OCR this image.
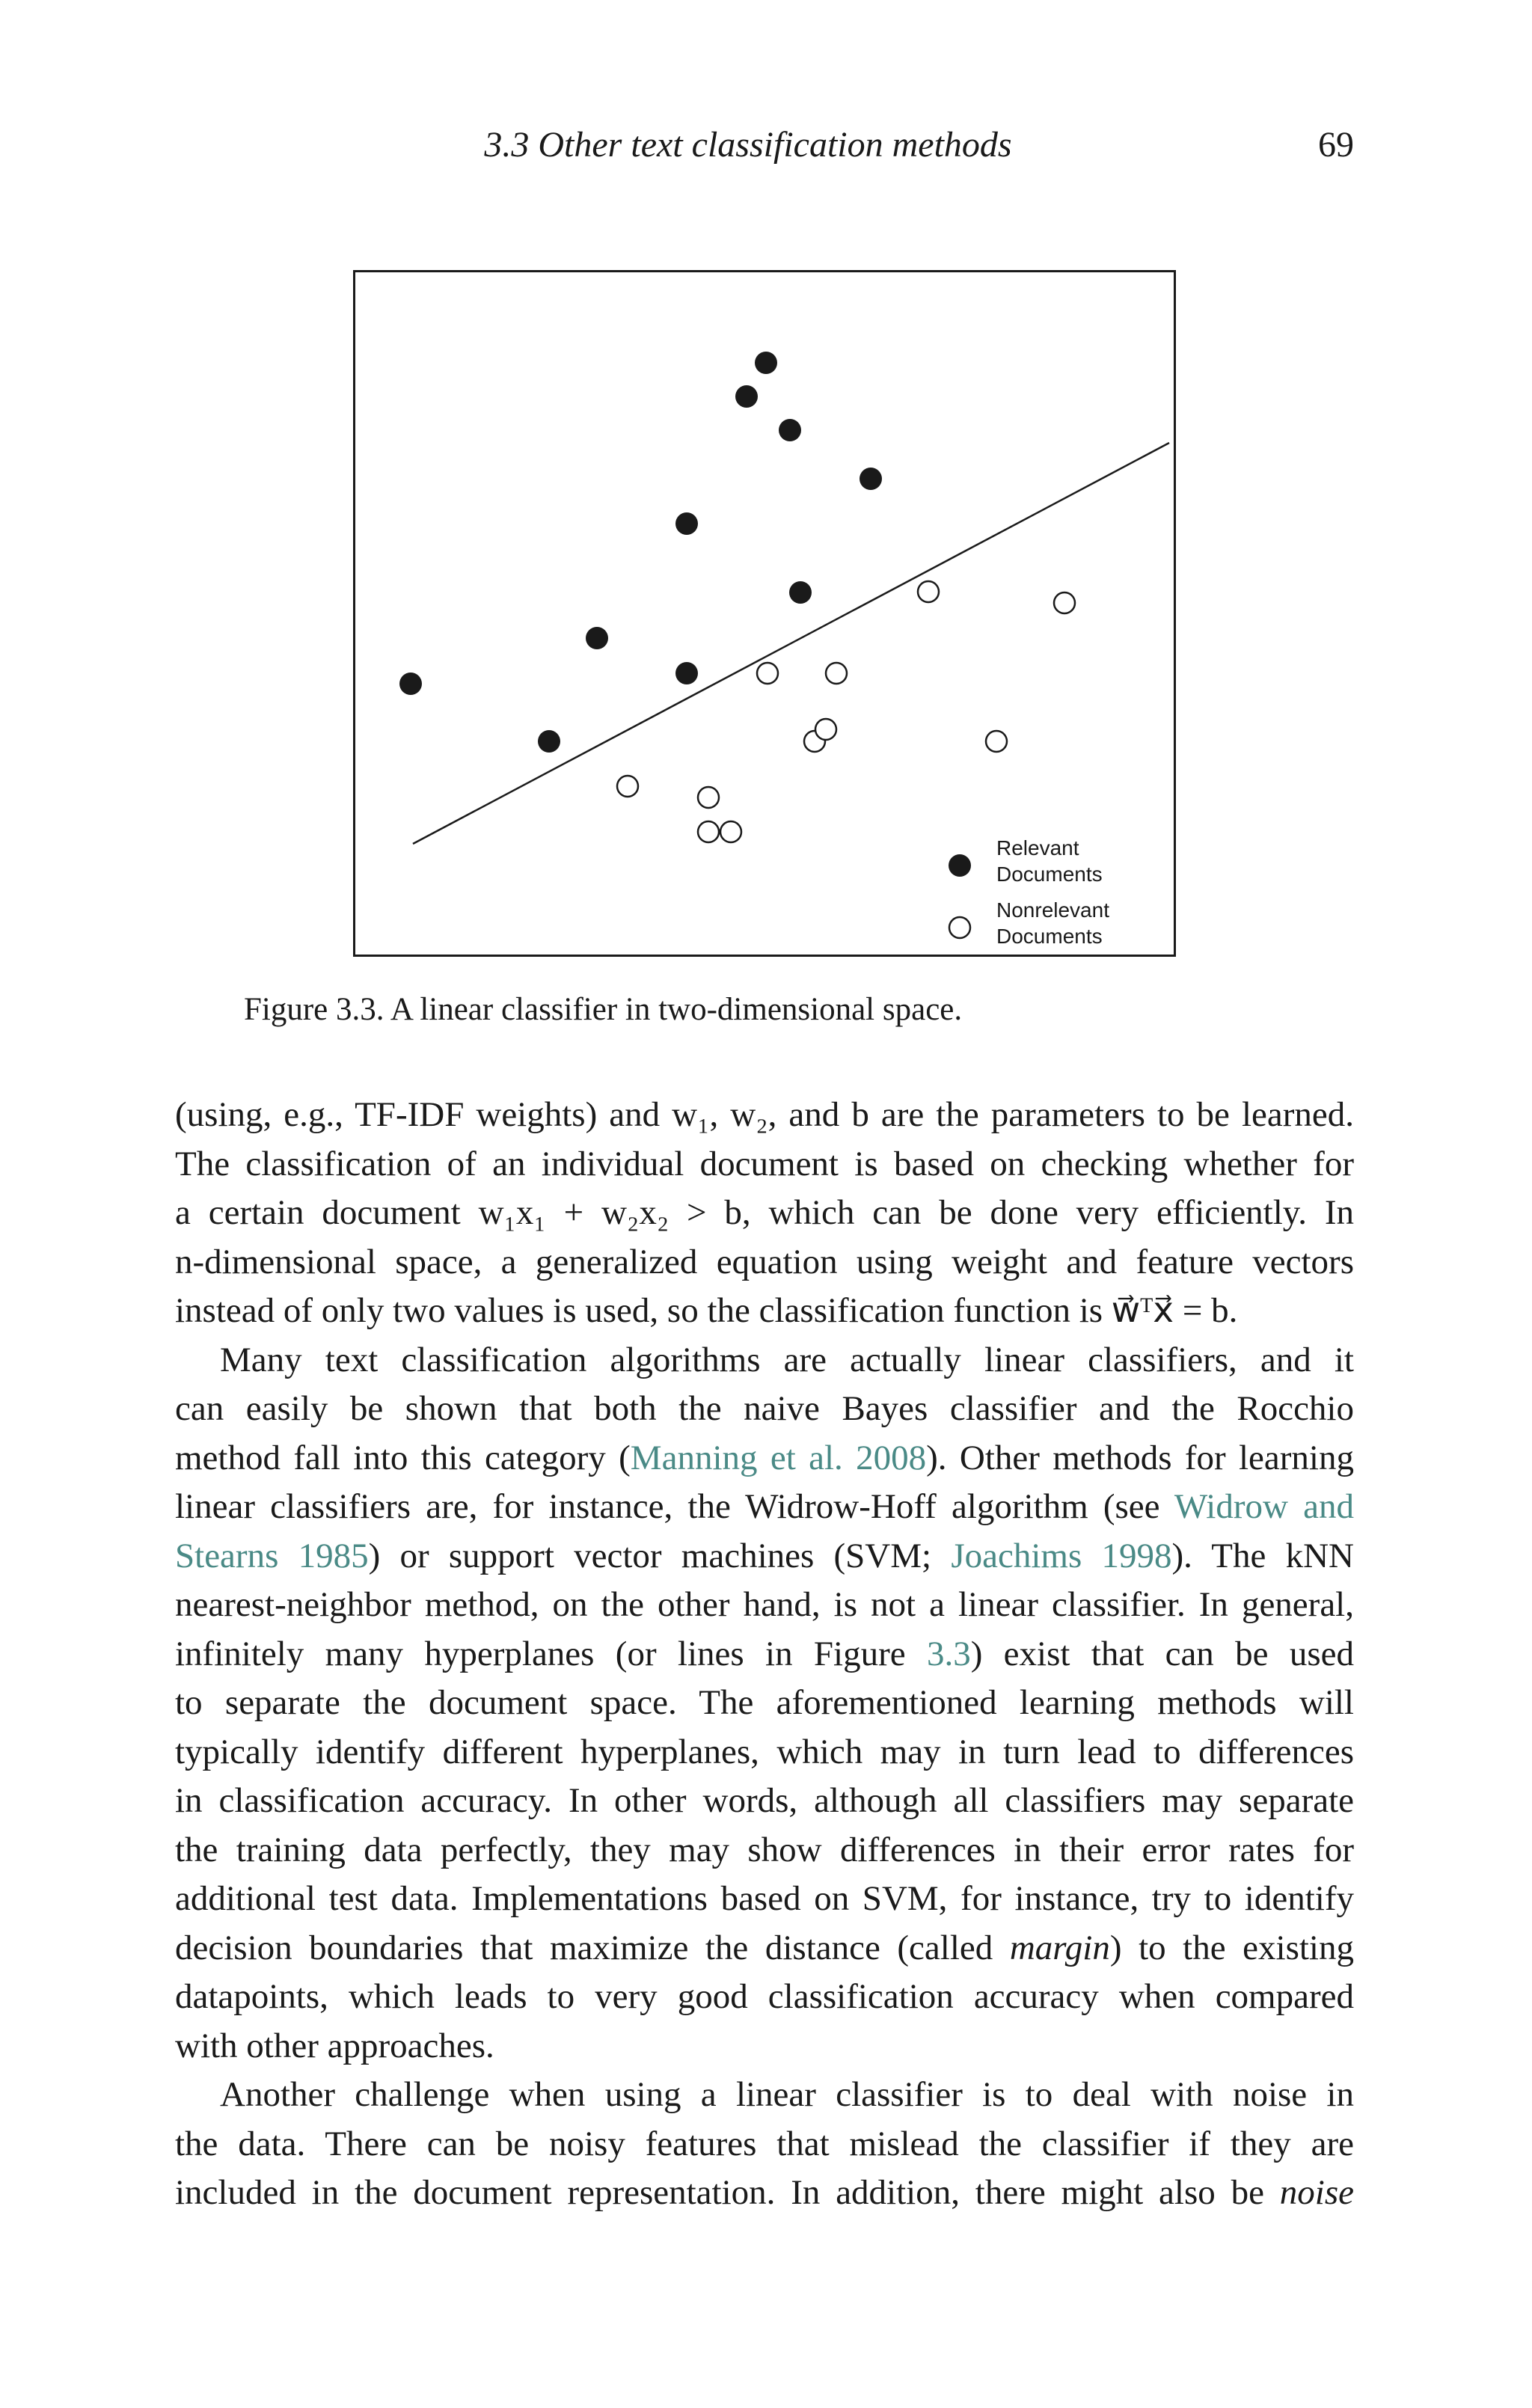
3.3 Other text classification methods	69
Relevant
Documents
Nonrelevant
Documents
Figure 3.3. A linear classifier in two-dimensional space.
(using, e.g., TF-IDF weights) and w₁, w₂, and b are the parameters to be learned.
The classification of an individual document is based on checking whether for
a certain document w₁x₁ + w₂x₂ > b, which can be done very efficiently. In
n-dimensional space, a generalized equation using weight and feature vectors
instead of only two values is used, so the classification function is w⃗ᵀx⃗ = b.
Many text classification algorithms are actually linear classifiers, and it
can easily be shown that both the naive Bayes classifier and the Rocchio
method fall into this category (Manning et al. 2008). Other methods for learning
linear classifiers are, for instance, the Widrow-Hoff algorithm (see Widrow and
Stearns 1985) or support vector machines (SVM; Joachims 1998). The kNN
nearest-neighbor method, on the other hand, is not a linear classifier. In general,
infinitely many hyperplanes (or lines in Figure 3.3) exist that can be used
to separate the document space. The aforementioned learning methods will
typically identify different hyperplanes, which may in turn lead to differences
in classification accuracy. In other words, although all classifiers may separate
the training data perfectly, they may show differences in their error rates for
additional test data. Implementations based on SVM, for instance, try to identify
decision boundaries that maximize the distance (called margin) to the existing
datapoints, which leads to very good classification accuracy when compared
with other approaches.
Another challenge when using a linear classifier is to deal with noise in
the data. There can be noisy features that mislead the classifier if they are
included in the document representation. In addition, there might also be noise
